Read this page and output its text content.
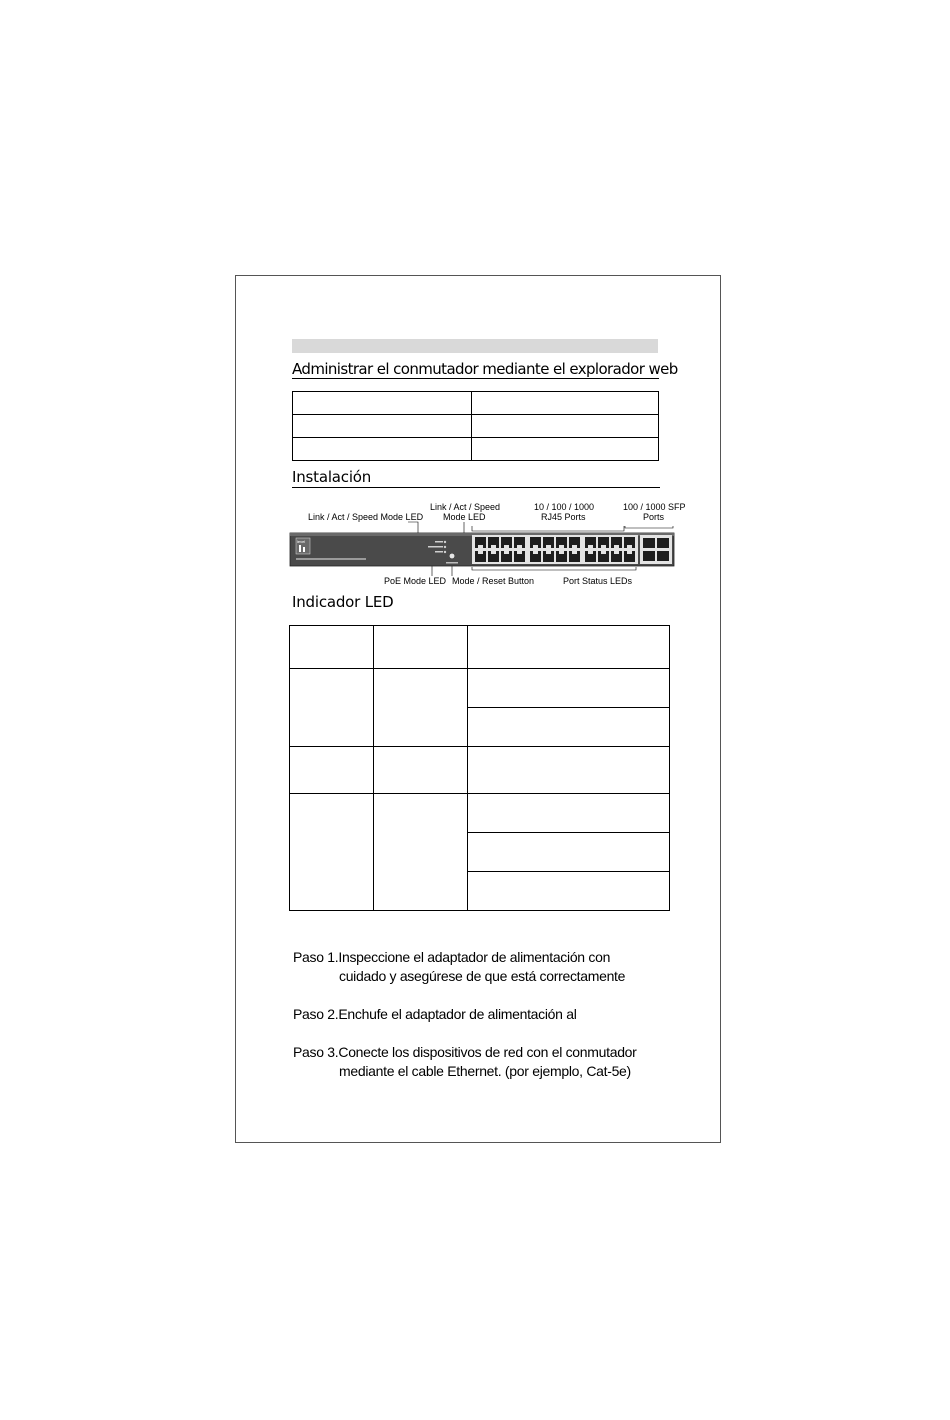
Administrar el conmutador mediante el explorador web

Instalación
Link / Act / Speed Mode LED
Link / Act / Speed
Mode LED
10 / 100 / 1000
RJ45 Ports
100 / 1000 SFP
Ports
level
PoE Mode LED Mode / Reset Button	Port Status LEDs
Indicador LED

Paso 1.Inspeccione el adaptador de alimentación con
cuidado y asegúrese de que está correctamente
Paso 2.Enchufe el adaptador de alimentación al
Paso 3.Conecte los dispositivos de red con el conmutador
mediante el cable Ethernet. (por ejemplo, Cat-5e)
